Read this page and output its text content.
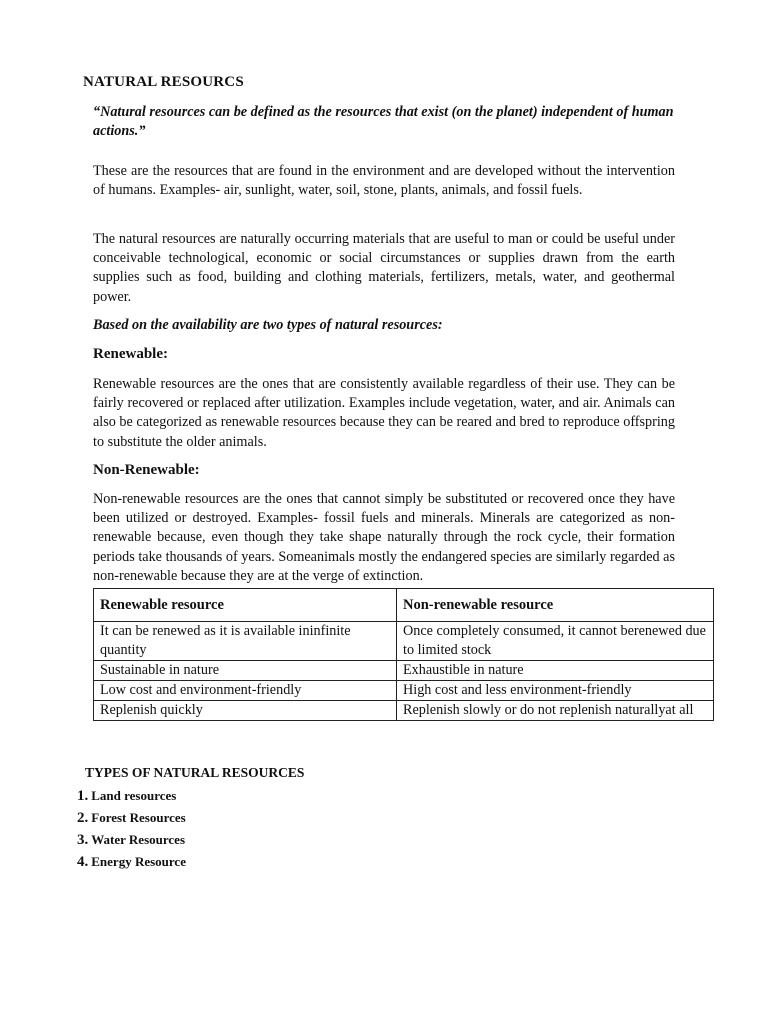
NATURAL RESOURCS
“Natural resources can be defined as the resources that exist (on the planet) independent of human actions.”
These are the resources that are found in the environment and are developed without the intervention of humans. Examples- air, sunlight, water, soil, stone, plants, animals, and fossil fuels.
The natural resources are naturally occurring materials that are useful to man or could be useful under conceivable technological, economic or social circumstances or supplies drawn from the earth supplies such as food, building and clothing materials, fertilizers, metals, water, and geothermal power.
Based on the availability are two types of natural resources:
Renewable:
Renewable resources are the ones that are consistently available regardless of their use. They can be fairly recovered or replaced after utilization. Examples include vegetation, water, and air. Animals can also be categorized as renewable resources because they can be reared and bred to reproduce offspring to substitute the older animals.
Non-Renewable:
Non-renewable resources are the ones that cannot simply be substituted or recovered once they have been utilized or destroyed. Examples- fossil fuels and minerals. Minerals are categorized as non-renewable because, even though they take shape naturally through the rock cycle, their formation periods take thousands of years. Someanimals mostly the endangered species are similarly regarded as non-renewable because they are at the verge of extinction.
Renewable resource	Non-renewable resource
It can be renewed as it is available ininfinite quantity	Once completely consumed, it cannot berenewed due to limited stock
Sustainable in nature	Exhaustible in nature
Low cost and environment-friendly	High cost and less environment-friendly
Replenish quickly	Replenish slowly or do not replenish naturallyat all
TYPES OF NATURAL RESOURCES
1. Land resources
2. Forest Resources
3. Water Resources
4. Energy Resource
